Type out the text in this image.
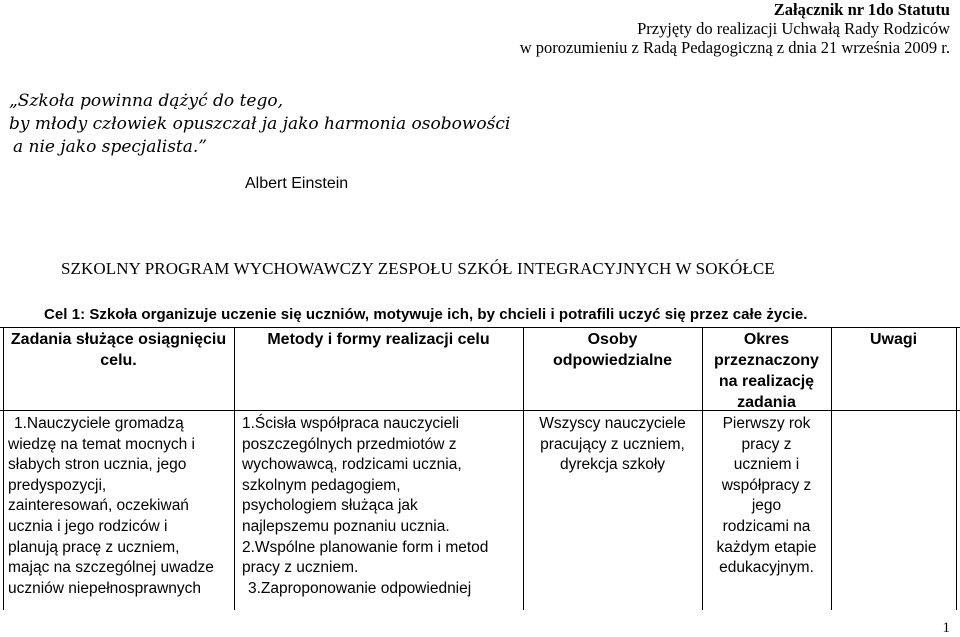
Załącznik nr 1do Statutu
Przyjęty do realizacji Uchwałą Rady Rodziców
w porozumieniu z Radą Pedagogiczną z dnia 21 września 2009 r.
„Szkoła powinna dążyć do tego,
by młody człowiek opuszczał ja jako harmonia osobowości
a nie jako specjalista.”
Albert Einstein
SZKOLNY PROGRAM WYCHOWAWCZY ZESPOŁU SZKÓŁ INTEGRACYJNYCH W SOKÓŁCE
Cel 1: Szkoła organizuje uczenie się uczniów, motywuje ich, by chcieli i potrafili uczyć się przez całe życie.
Zadania służące osiągnięciu
celu.
Metody i formy realizacji celu	Osoby
odpowiedzialne
Okres
przeznaczony
na realizację
zadania
Uwagi
1.Nauczyciele gromadzą
wiedzę na temat mocnych i
słabych stron ucznia, jego
predyspozycji,
zainteresowań, oczekiwań
ucznia i jego rodziców i
planują pracę z uczniem,
mając na szczególnej uwadze
uczniów niepełnosprawnych
1.Ścisła współpraca nauczycieli
poszczególnych przedmiotów z
wychowawcą, rodzicami ucznia,
szkolnym pedagogiem,
psychologiem służąca jak
najlepszemu poznaniu ucznia.
2.Wspólne planowanie form i metod
pracy z uczniem.
3.Zaproponowanie odpowiedniej
Wszyscy nauczyciele
pracujący z uczniem,
dyrekcja szkoły
Pierwszy rok
pracy z
uczniem i
współpracy z
jego
rodzicami na
każdym etapie
edukacyjnym.
1
